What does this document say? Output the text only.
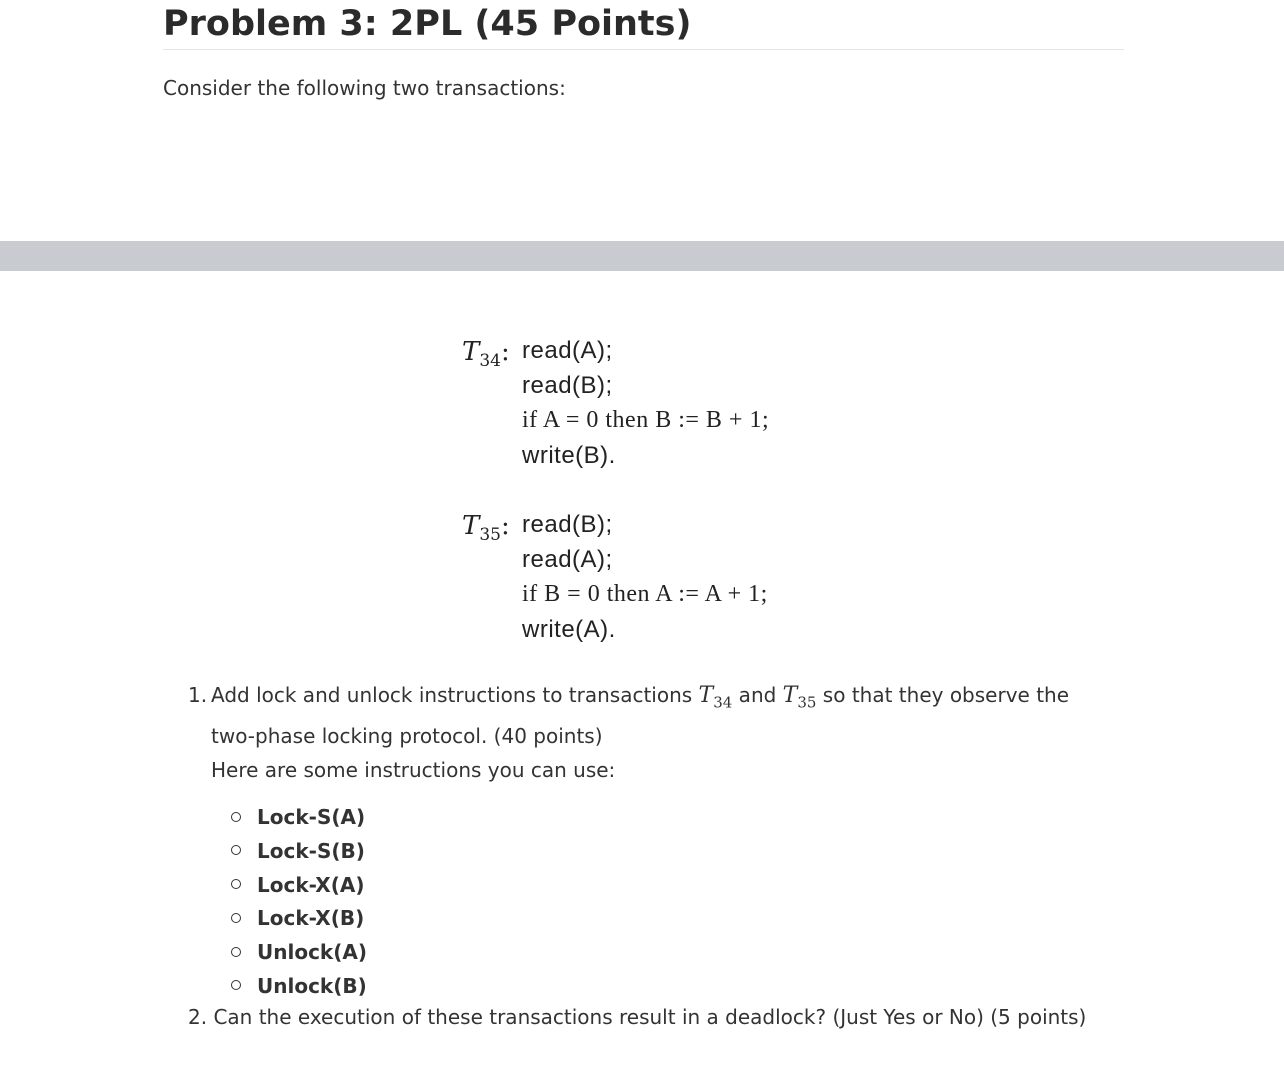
Problem 3: 2PL (45 Points)
Consider the following two transactions:
$T_{34}$: read(A);
read(B);
if A = 0 then B := B + 1;
write(B).
$T_{35}$: read(B);
read(A);
if B = 0 then A := A + 1;
write(A).
1. Add lock and unlock instructions to transactions $T_{34}$ and $T_{35}$ so that they observe the two-phase locking protocol. (40 points)
Here are some instructions you can use:
Lock-S(A)
Lock-S(B)
Lock-X(A)
Lock-X(B)
Unlock(A)
Unlock(B)
2. Can the execution of these transactions result in a deadlock? (Just Yes or No) (5 points)
